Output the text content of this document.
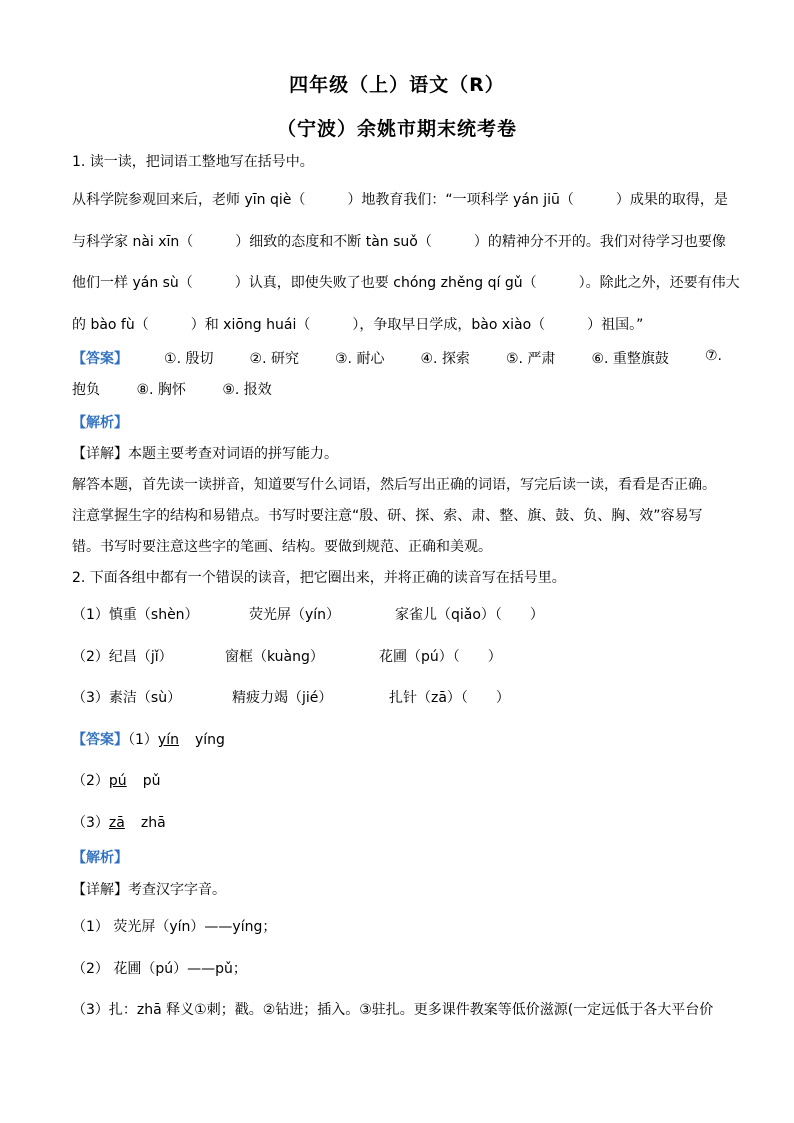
四年级（上）语文（R）
（宁波）余姚市期末统考卷
1. 读一读，把词语工整地写在括号中。
从科学院参观回来后，老师 yīn qiè（　　　）地教育我们：“一项科学 yán jiū（　　　）成果的取得，是
与科学家 nài xīn（　　　）细致的态度和不断 tàn suǒ（　　　）的精神分不开的。我们对待学习也要像
他们一样 yán sù（　　　）认真，即使失败了也要 chóng zhěng qí gǔ（　　　）。除此之外，还要有伟大
的 bào fù（　　　）和 xiōng huái（　　　），争取早日学成，bào xiào（　　　）祖国。”
【答案】	①. 殷切	②. 研究	③. 耐心	④. 探索	⑤. 严肃	⑥. 重整旗鼓	⑦.
抱负	⑧. 胸怀	⑨. 报效
【解析】
【详解】本题主要考查对词语的拼写能力。
解答本题，首先读一读拼音，知道要写什么词语，然后写出正确的词语，写完后读一读，看看是否正确。
注意掌握生字的结构和易错点。书写时要注意“殷、研、探、索、肃、整、旗、鼓、负、胸、效”容易写
错。书写时要注意这些字的笔画、结构。要做到规范、正确和美观。
2. 下面各组中都有一个错误的读音，把它圈出来，并将正确的读音写在括号里。
（1）慎重（shèn）	荧光屏（yín）	家雀儿（qiǎo）（　　）
（2）纪昌（jǐ）	窗框（kuàng）	花圃（pú）（　　）
（3）素洁（sù）	精疲力竭（jié）	扎针（zā）（　　）
【答案】（1）yín yíng
（2）pú pǔ
（3）zā zhā
【解析】
【详解】考查汉字字音。
（1） 荧光屏（yín）——yíng；
（2） 花圃（pú）——pǔ；
（3）扎：zhā 释义①刺；戳。②钻进；插入。③驻扎。更多课件教案等低价滋源(一定远低于各大平台价
